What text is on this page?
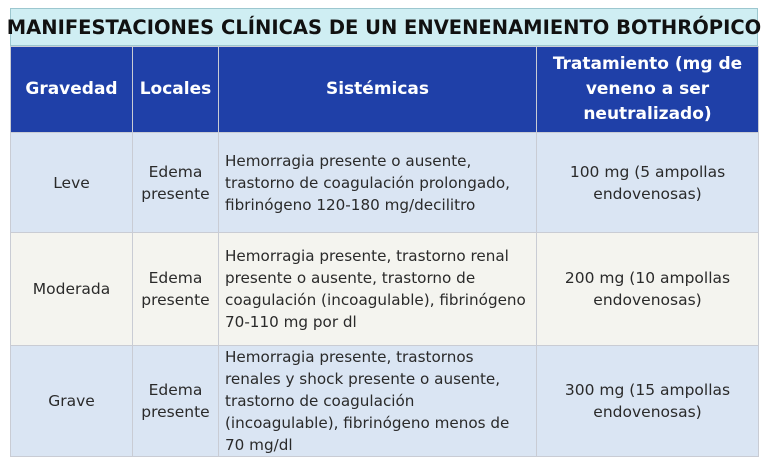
MANIFESTACIONES CLÍNICAS DE UN ENVENENAMIENTO BOTHRÓPICO
Gravedad	Locales	Sistémicas	Tratamiento (mg de veneno a ser neutralizado)
Leve	Edema presente	Hemorragia presente o ausente, trastorno de coagulación prolongado, fibrinógeno 120-180 mg/decilitro	100 mg (5 ampollas endovenosas)
Moderada	Edema presente	Hemorragia presente, trastorno renal presente o ausente, trastorno de coagulación (incoagulable), fibrinógeno 70-110 mg por dl	200 mg (10 ampollas endovenosas)
Grave	Edema presente	Hemorragia presente, trastornos renales y shock presente o ausente, trastorno de coagulación (incoagulable), fibrinógeno menos de 70 mg/dl	300 mg (15 ampollas endovenosas)
